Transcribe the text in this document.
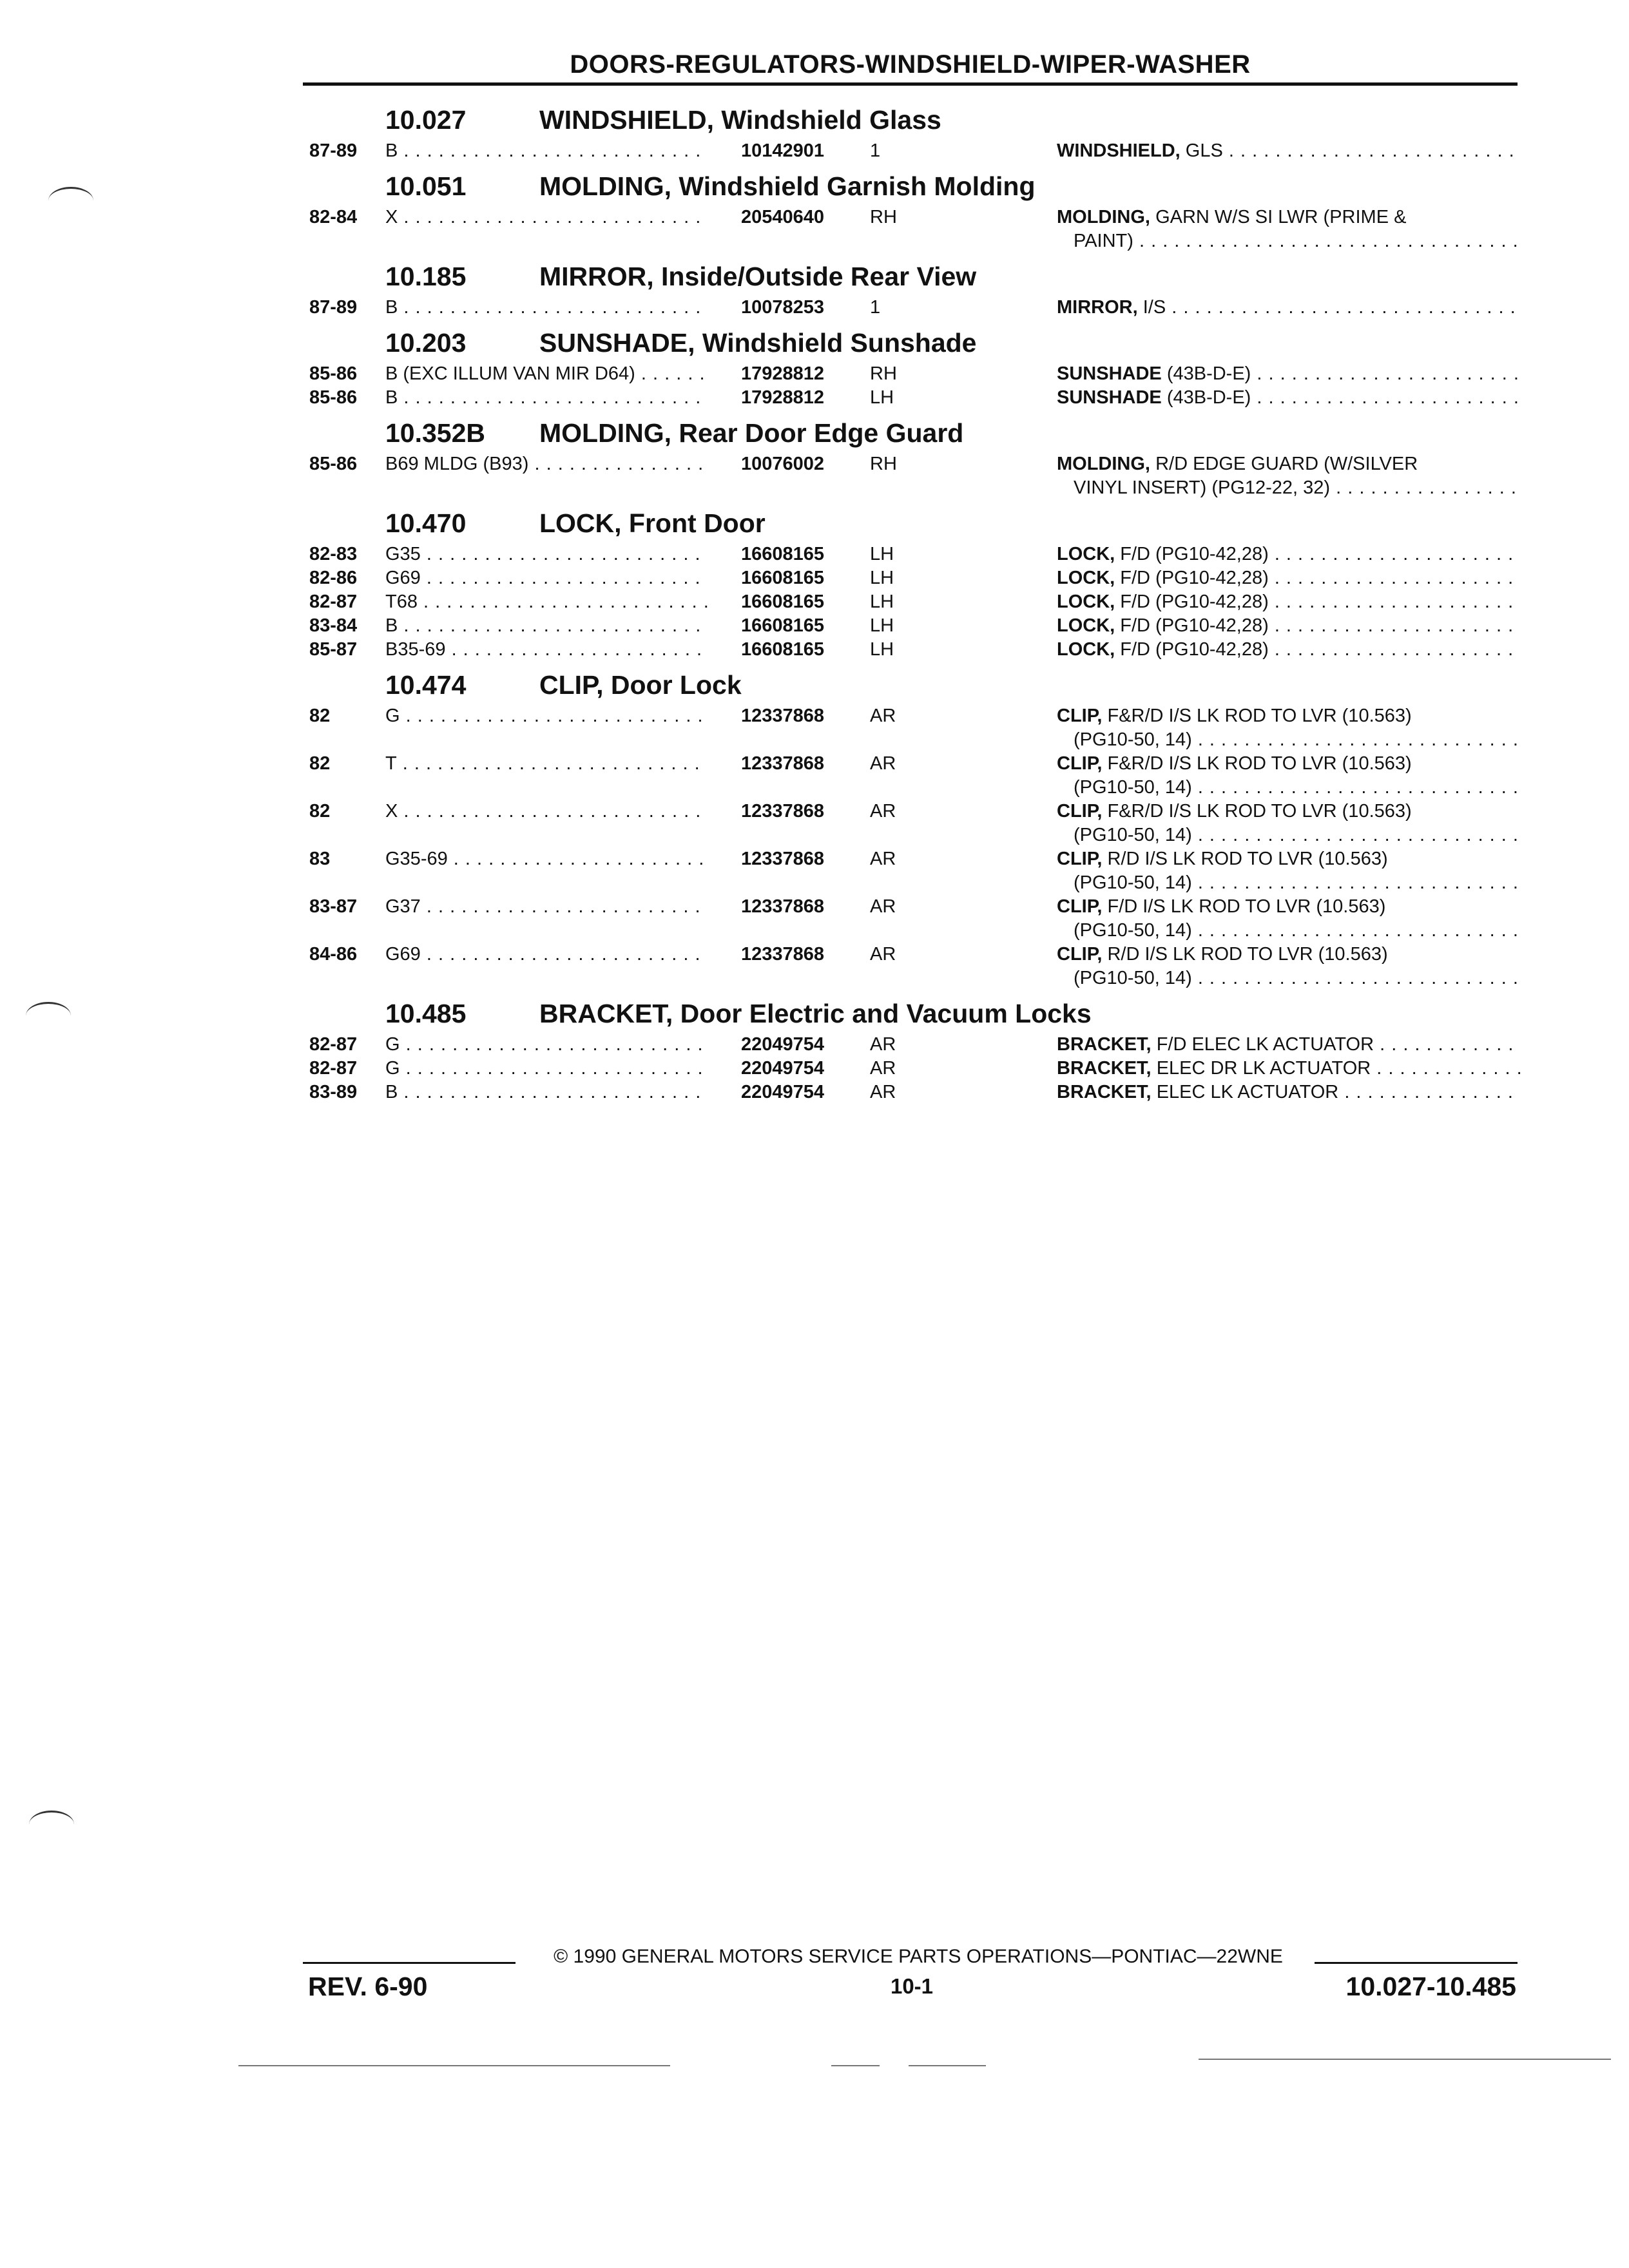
DOORS-REGULATORS-WINDSHIELD-WIPER-WASHER
10.027	WINDSHIELD, Windshield Glass
87-89	B . . .	10142901 1	WINDSHIELD, GLS . . .
10.051	MOLDING, Windshield Garnish Molding
82-84	X . . .	20540640 RH	MOLDING, GARN W/S SI LWR (PRIME &
PAINT) . . .
10.185	MIRROR, Inside/Outside Rear View
87-89	B . . .	10078253 1	MIRROR, I/S . . .
10.203	SUNSHADE, Windshield Sunshade
85-86	B (EXC ILLUM VAN MIR D64) . . .	17928812 RH	SUNSHADE (43B-D-E) . . .
85-86	B . . .	17928812 LH	SUNSHADE (43B-D-E) . . .
10.352B MOLDING, Rear Door Edge Guard
85-86	B69 MLDG (B93) . . .	10076002 RH	MOLDING, R/D EDGE GUARD (W/SILVER
VINYL INSERT) (PG12-22, 32) . . .
10.470	LOCK, Front Door
82-83	G35 . . .	16608165 LH	LOCK, F/D (PG10-42,28) . . .
82-86	G69 . . .	16608165 LH	LOCK, F/D (PG10-42,28) . . .
82-87	T68 . . .	16608165 LH	LOCK, F/D (PG10-42,28) . . .
83-84	B . . .	16608165 LH	LOCK, F/D (PG10-42,28) . . .
85-87	B35-69 . . .	16608165 LH	LOCK, F/D (PG10-42,28) . . .
10.474	CLIP, Door Lock
82	G . . .	12337868 AR	CLIP, F&R/D I/S LK ROD TO LVR (10.563)
(PG10-50, 14) . . .
82	T . . .	12337868 AR	CLIP, F&R/D I/S LK ROD TO LVR (10.563)
(PG10-50, 14) . . .
82	X . . .	12337868 AR	CLIP, F&R/D I/S LK ROD TO LVR (10.563)
(PG10-50, 14) . . .
83	G35-69 . . .	12337868 AR	CLIP, R/D I/S LK ROD TO LVR (10.563)
(PG10-50, 14) . . .
83-87	G37 . . .	12337868 AR	CLIP, F/D I/S LK ROD TO LVR (10.563)
(PG10-50, 14) . . .
84-86	G69 . . .	12337868 AR	CLIP, R/D I/S LK ROD TO LVR (10.563)
(PG10-50, 14) . . .
10.485	BRACKET, Door Electric and Vacuum Locks
82-87	G . . .	22049754 AR	BRACKET, F/D ELEC LK ACTUATOR . . .
82-87	G . . .	22049754 AR	BRACKET, ELEC DR LK ACTUATOR . . .
83-89	B . . .	22049754 AR	BRACKET, ELEC LK ACTUATOR . . .
© 1990 GENERAL MOTORS SERVICE PARTS OPERATIONS—PONTIAC—22WNE
REV. 6-90	10-1	10.027-10.485
